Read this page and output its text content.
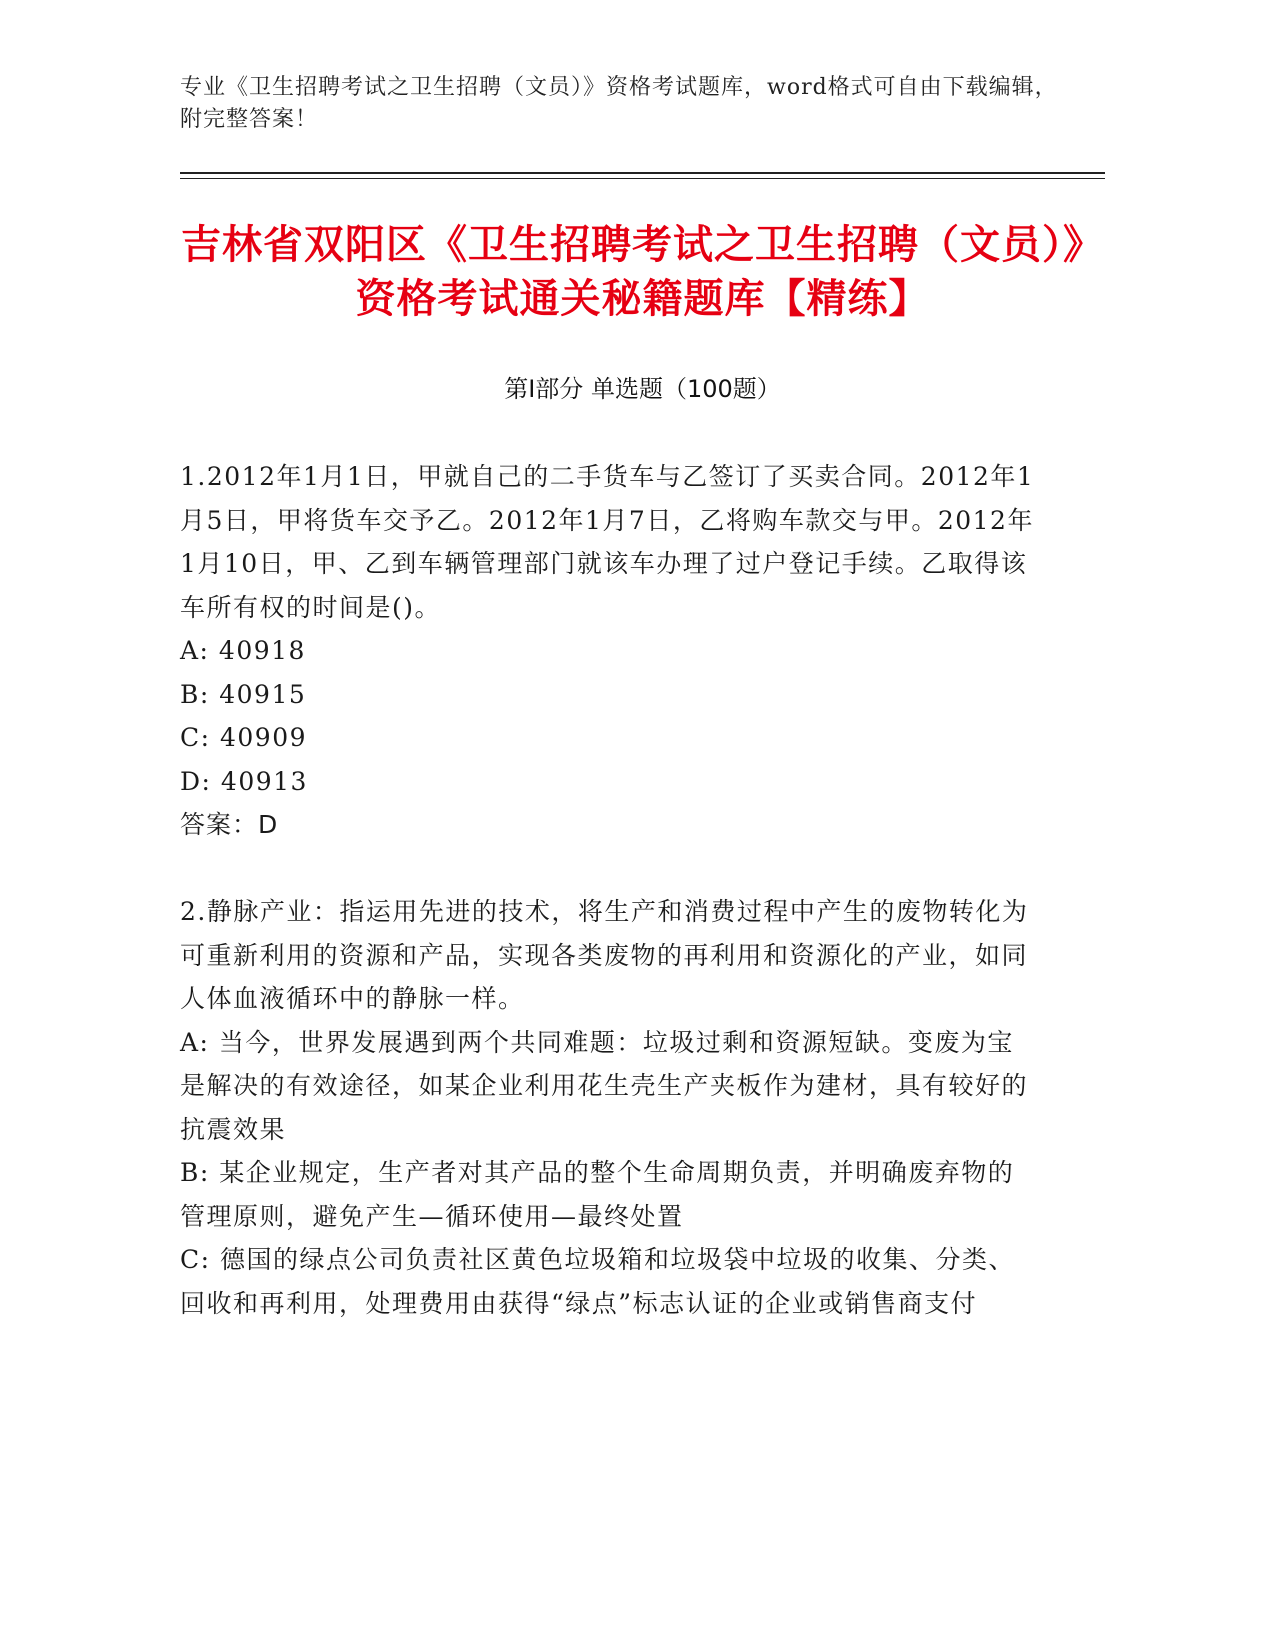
专业《卫生招聘考试之卫生招聘（文员）》资格考试题库，word格式可自由下载编辑，附完整答案！
吉林省双阳区《卫生招聘考试之卫生招聘（文员）》资格考试通关秘籍题库【精练】
第Ⅰ部分 单选题（100题）

1.2012年1月1日，甲就自己的二手货车与乙签订了买卖合同。2012年1月5日，甲将货车交予乙。2012年1月7日，乙将购车款交与甲。2012年1月10日，甲、乙到车辆管理部门就该车办理了过户登记手续。乙取得该车所有权的时间是()。

A: 40918

B: 40915

C: 40909

D: 40913

答案：D

2.静脉产业：指运用先进的技术，将生产和消费过程中产生的废物转化为可重新利用的资源和产品，实现各类废物的再利用和资源化的产业，如同人体血液循环中的静脉一样。

A: 当今，世界发展遇到两个共同难题：垃圾过剩和资源短缺。变废为宝是解决的有效途径，如某企业利用花生壳生产夹板作为建材，具有较好的抗震效果

B: 某企业规定，生产者对其产品的整个生命周期负责，并明确废弃物的管理原则，避免产生—循环使用—最终处置

C: 德国的绿点公司负责社区黄色垃圾箱和垃圾袋中垃圾的收集、分类、回收和再利用，处理费用由获得“绿点”标志认证的企业或销售商支付
